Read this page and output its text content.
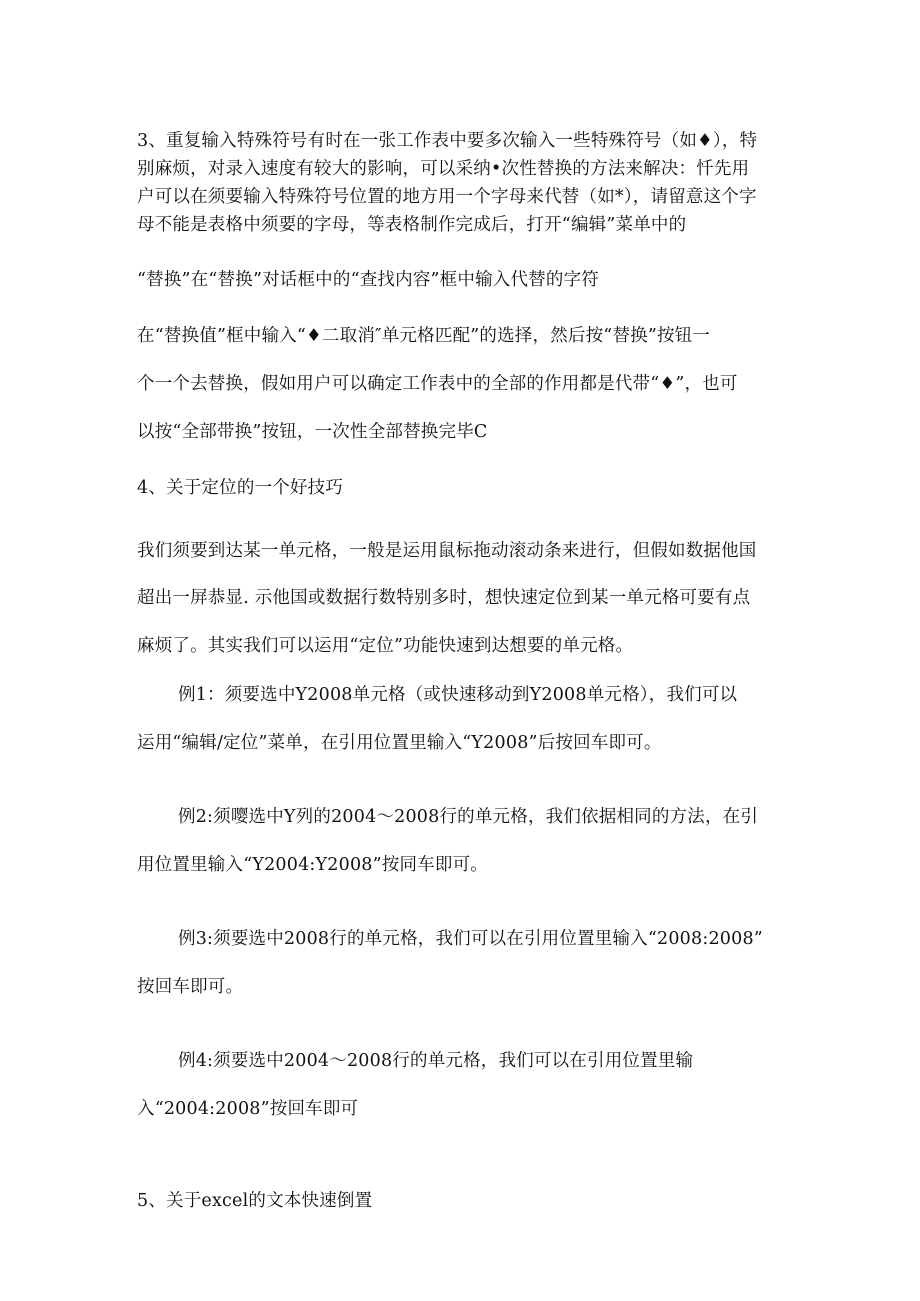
3、重复输入特殊符号有时在一张工作表中要多次输入一些特殊符号（如♦），特
别麻烦，对录入速度有较大的影响，可以采纳•次性替换的方法来解决：忏先用
户可以在须要输入特殊符号位置的地方用一个字母来代替（如*），请留意这个字
母不能是表格中须要的字母，等表格制作完成后，打开“编辑”菜单中的
“替换”在“替换”对话框中的“查找内容”框中输入代替的字符
在“替换值”框中输入“♦二取消″单元格匹配”的选择，然后按“替换”按钮一
个一个去替换，假如用户可以确定工作表中的全部的作用都是代带“♦”，也可
以按“全部带换”按钮，一次性全部替换完毕C
4、关于定位的一个好技巧
我们须要到达某一单元格，一般是运用鼠标拖动滚动条来进行，但假如数据他国
超出一屏恭显. 示他国或数据行数特别多时，想快速定位到某一单元格可要有点
麻烦了。其实我们可以运用“定位”功能快速到达想要的单元格。
例1：须要选中Y2008单元格（或快速移动到Y2008单元格），我们可以
运用“编辑/定位”菜单，在引用位置里输入“Y2008”后按回车即可。
例2:须嘤选中Y列的2004～2008行的单元格，我们依据相同的方法，在引
用位置里输入“Y2004:Y2008”按同车即可。
例3:须要选中2008行的单元格，我们可以在引用位置里输入“2008:2008”
按回车即可。
例4:须要选中2004～2008行的单元格，我们可以在引用位置里输
入“2004:2008”按回车即可
5、关于excel的文本快速倒置
